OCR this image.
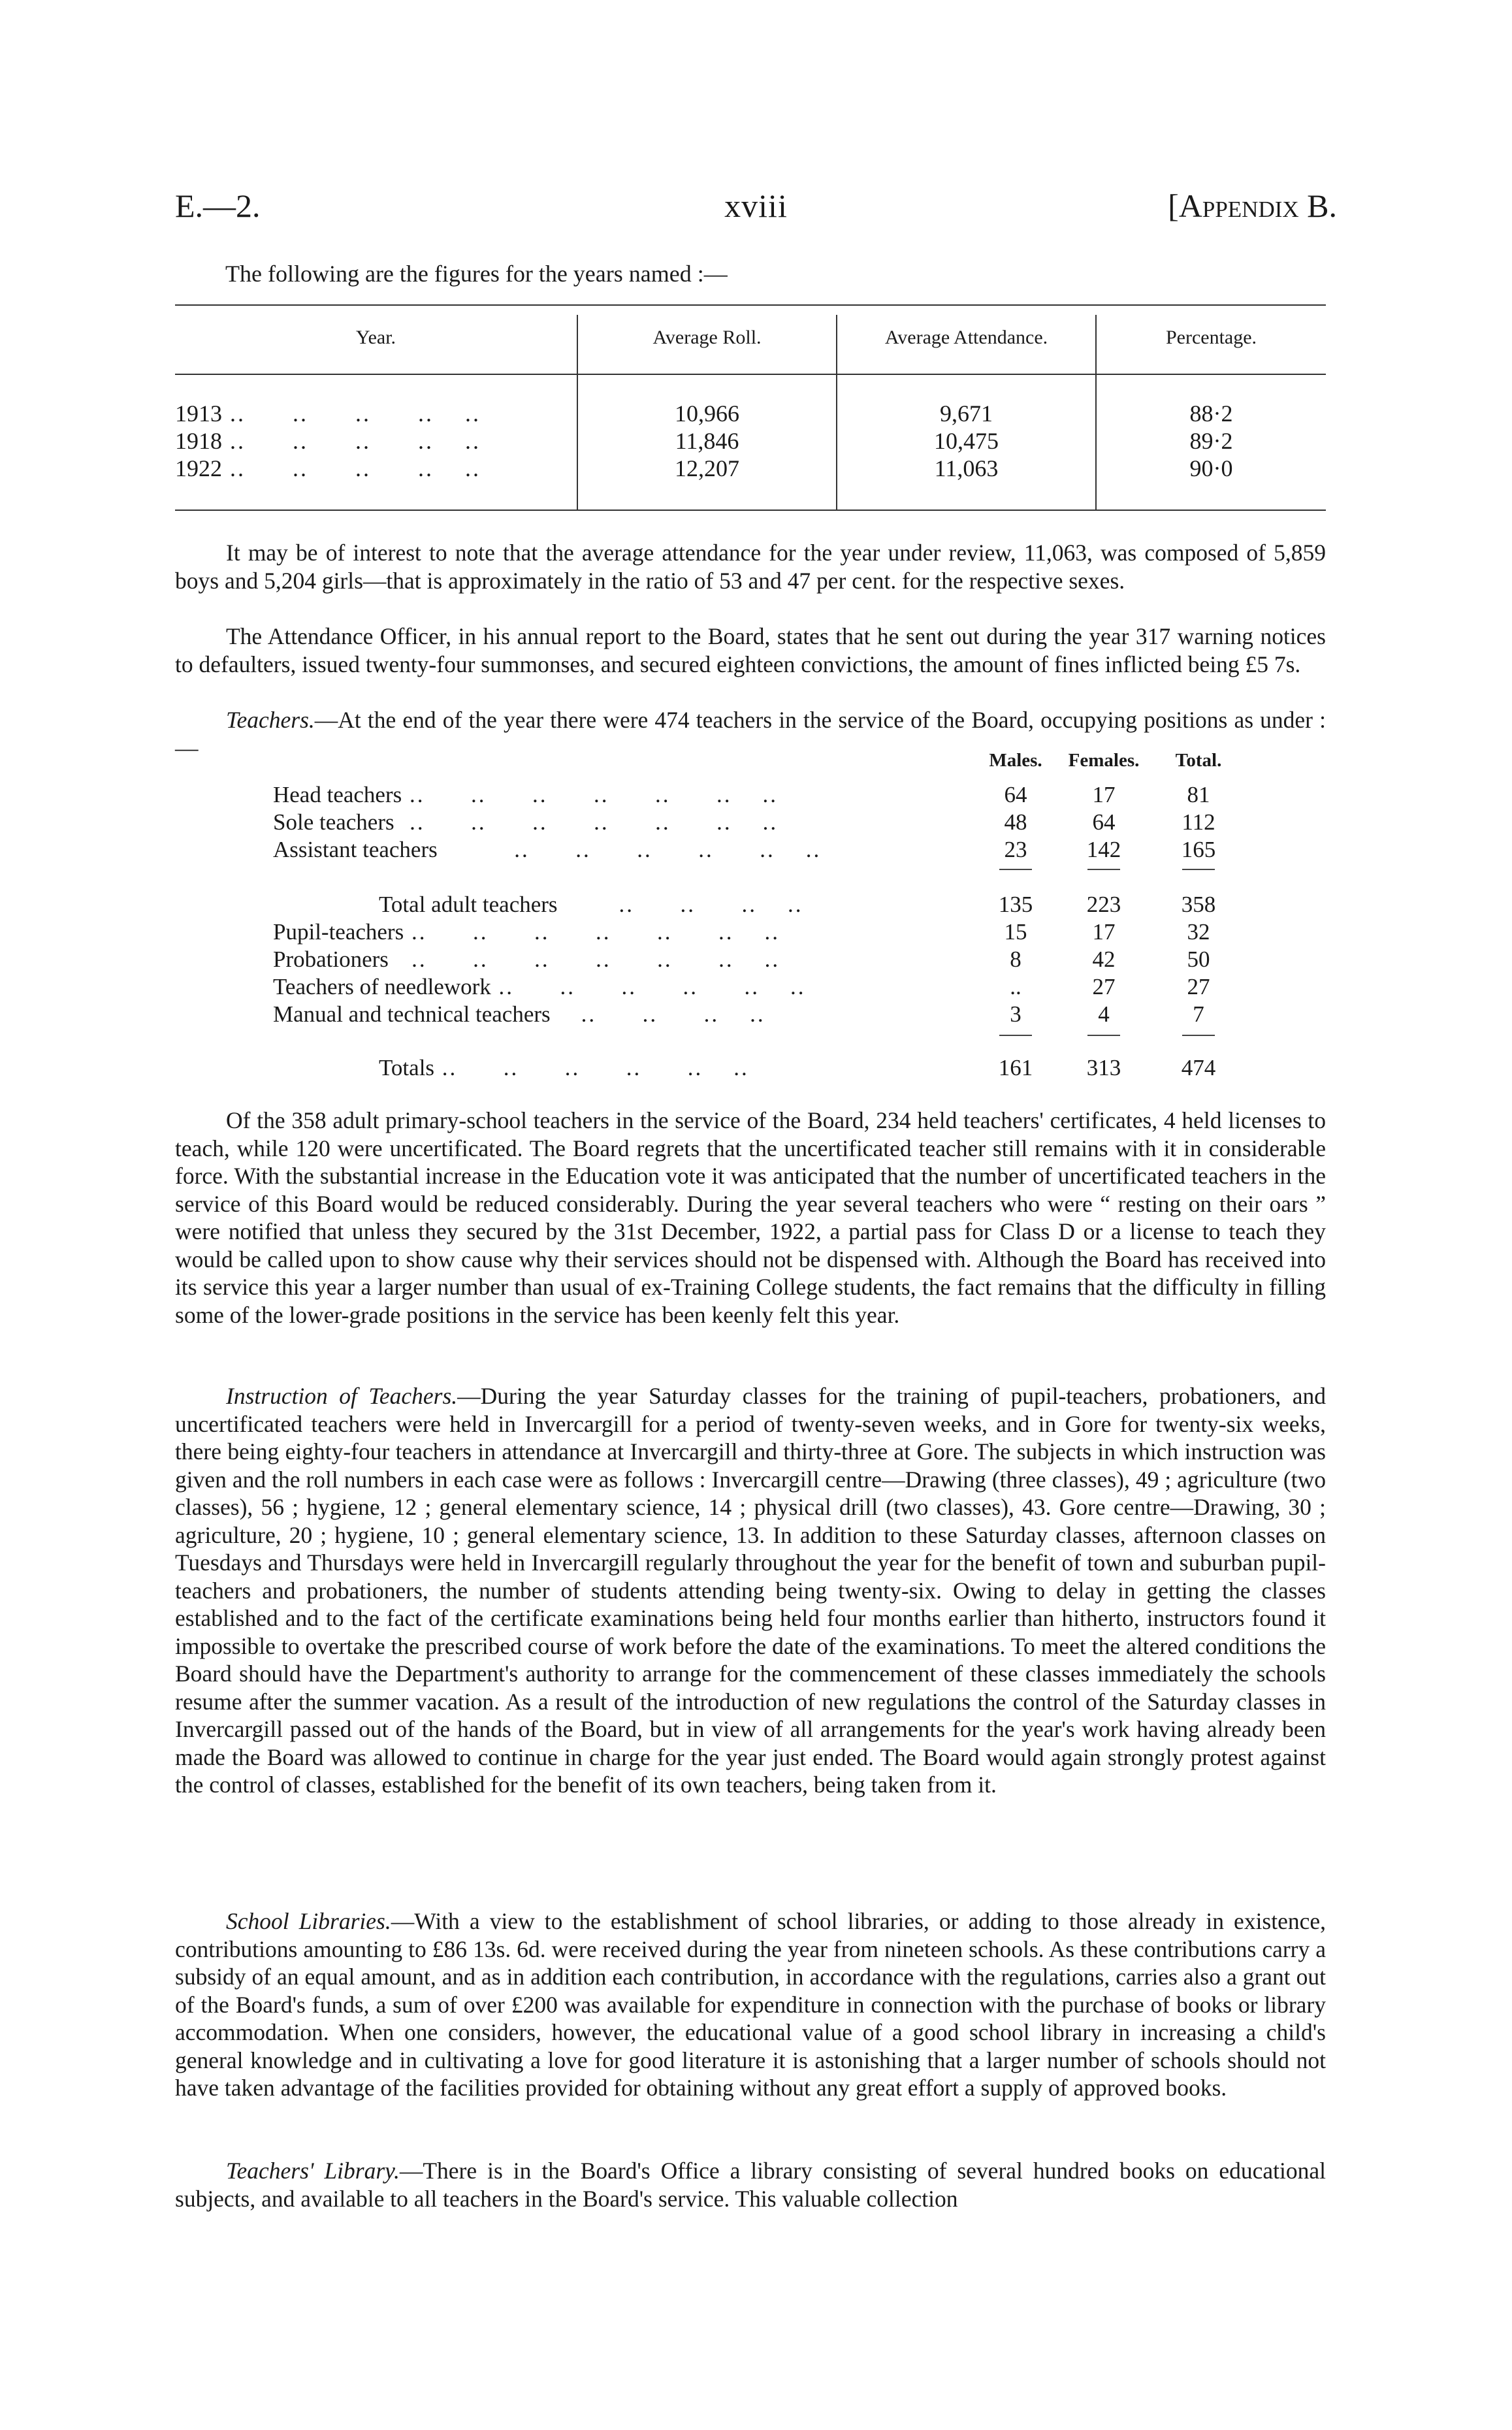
E.—2.	xviii	[Appendix B.
The following are the figures for the years named :—
Year.	Average Roll.	Average Attendance.	Percentage.
1913 ..      ..      ..      ..    ..	10,966	9,671	88·2
1918 ..      ..      ..      ..    ..	11,846	10,475	89·2
1922 ..      ..      ..      ..    ..	12,207	11,063	90·0
It may be of interest to note that the average attendance for the year under review, 11,063, was composed of 5,859 boys and 5,204 girls—that is approximately in the ratio of 53 and 47 per cent. for the respective sexes.
The Attendance Officer, in his annual report to the Board, states that he sent out during the year 317 warning notices to defaulters, issued twenty-four summonses, and secured eighteen convictions, the amount of fines inflicted being £5 7s.
Teachers.—At the end of the year there were 474 teachers in the service of the Board, occupying positions as under :—	Males.	Females.	Total.
Head teachers ..      ..      ..      ..      ..      ..    ..	64	17	81
Sole teachers  ..      ..      ..      ..      ..      ..    ..	48	64	112
Assistant teachers          ..      ..      ..      ..      ..    ..	23	142	165
Total adult teachers        ..      ..      ..    ..	135	223	358
Pupil-teachers ..      ..      ..      ..      ..      ..    ..	15	17	32
Probationers   ..      ..      ..      ..      ..      ..    ..	8	42	50
Teachers of needlework ..      ..      ..      ..      ..    ..	..	27	27
Manual and technical teachers    ..      ..      ..    ..	3	4	7
Totals ..      ..      ..      ..      ..    ..	161	313	474
Of the 358 adult primary-school teachers in the service of the Board, 234 held teachers' certificates, 4 held licenses to teach, while 120 were uncertificated. The Board regrets that the uncertificated teacher still remains with it in considerable force. With the substantial increase in the Education vote it was anticipated that the number of uncertificated teachers in the service of this Board would be reduced considerably. During the year several teachers who were “ resting on their oars ” were notified that unless they secured by the 31st December, 1922, a partial pass for Class D or a license to teach they would be called upon to show cause why their services should not be dispensed with. Although the Board has received into its service this year a larger number than usual of ex-Training College students, the fact remains that the difficulty in filling some of the lower-grade positions in the service has been keenly felt this year.
Instruction of Teachers.—During the year Saturday classes for the training of pupil-teachers, probationers, and uncertificated teachers were held in Invercargill for a period of twenty-seven weeks, and in Gore for twenty-six weeks, there being eighty-four teachers in attendance at Invercargill and thirty-three at Gore. The subjects in which instruction was given and the roll numbers in each case were as follows : Invercargill centre—Drawing (three classes), 49 ; agriculture (two classes), 56 ; hygiene, 12 ; general elementary science, 14 ; physical drill (two classes), 43. Gore centre—Drawing, 30 ; agriculture, 20 ; hygiene, 10 ; general elementary science, 13. In addition to these Saturday classes, afternoon classes on Tuesdays and Thursdays were held in Invercargill regularly throughout the year for the benefit of town and suburban pupil-teachers and probationers, the number of students attending being twenty-six. Owing to delay in getting the classes established and to the fact of the certificate examinations being held four months earlier than hitherto, instructors found it impossible to overtake the prescribed course of work before the date of the examinations. To meet the altered conditions the Board should have the Department's authority to arrange for the commencement of these classes immediately the schools resume after the summer vacation. As a result of the introduction of new regulations the control of the Saturday classes in Invercargill passed out of the hands of the Board, but in view of all arrangements for the year's work having already been made the Board was allowed to continue in charge for the year just ended. The Board would again strongly protest against the control of classes, established for the benefit of its own teachers, being taken from it.
School Libraries.—With a view to the establishment of school libraries, or adding to those already in existence, contributions amounting to £86 13s. 6d. were received during the year from nineteen schools. As these contributions carry a subsidy of an equal amount, and as in addition each contribution, in accordance with the regulations, carries also a grant out of the Board's funds, a sum of over £200 was available for expenditure in connection with the purchase of books or library accommodation. When one considers, however, the educational value of a good school library in increasing a child's general knowledge and in cultivating a love for good literature it is astonishing that a larger number of schools should not have taken advantage of the facilities provided for obtaining without any great effort a supply of approved books.
Teachers' Library.—There is in the Board's Office a library consisting of several hundred books on educational subjects, and available to all teachers in the Board's service. This valuable collection
